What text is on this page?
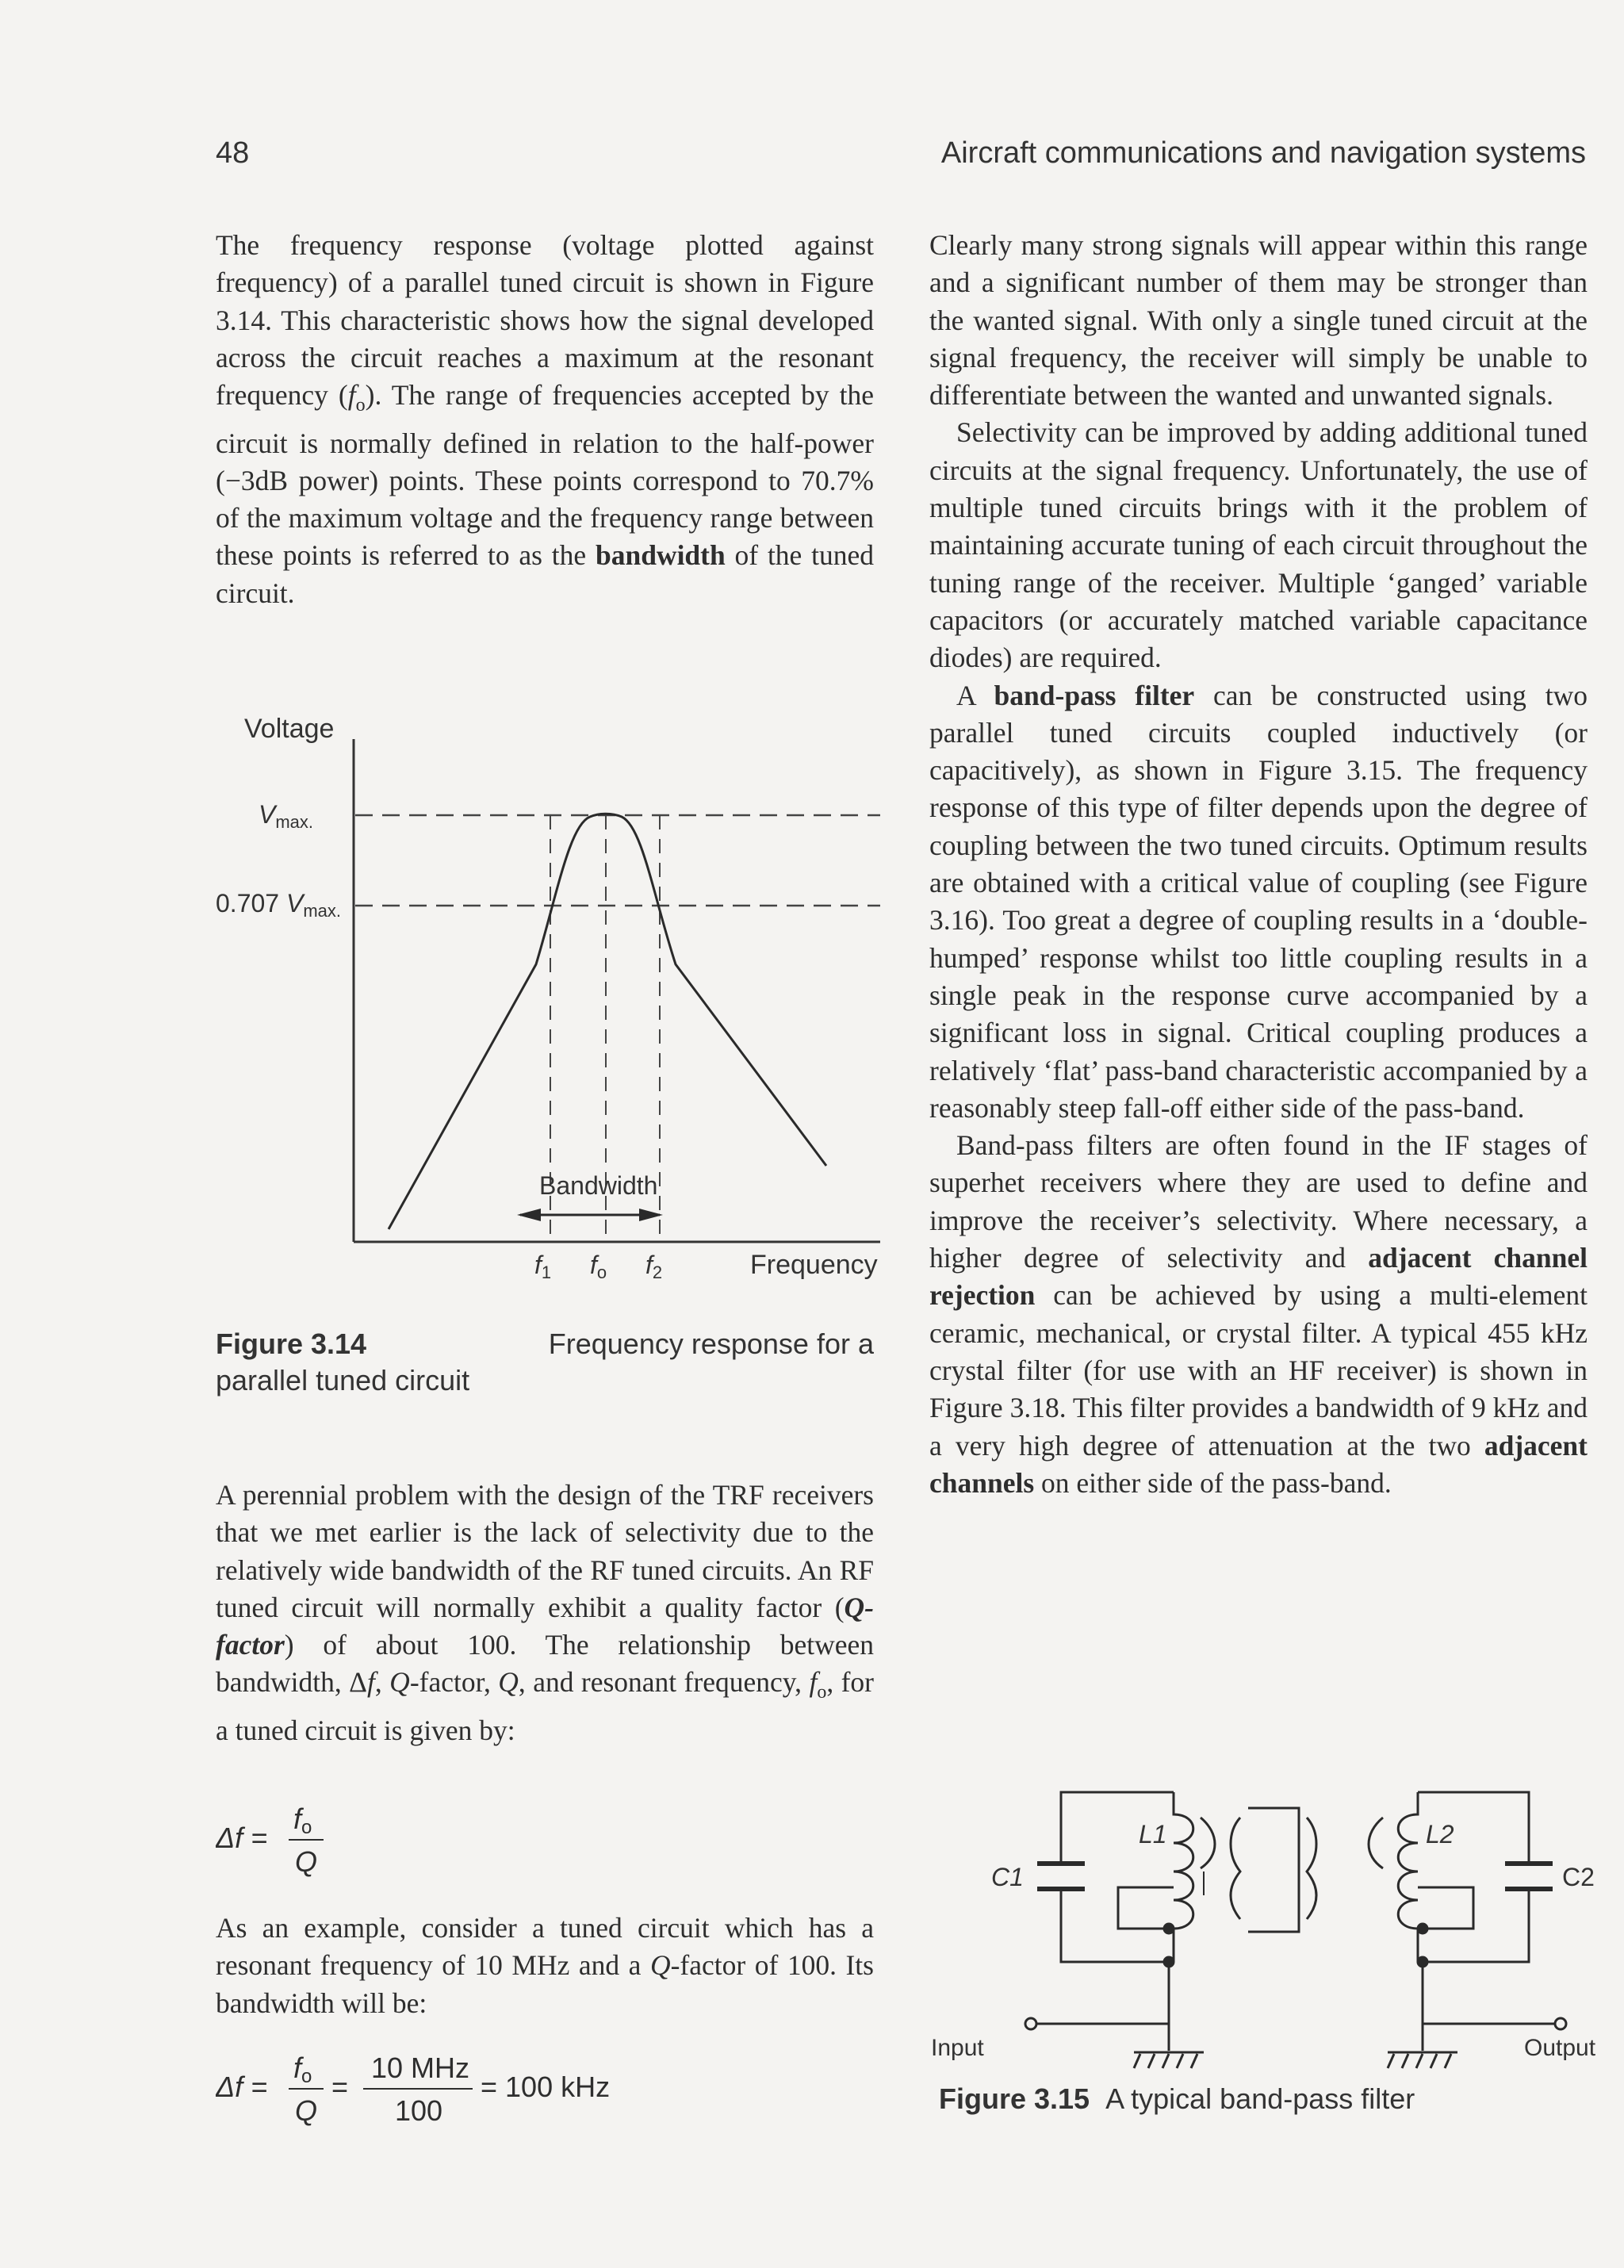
48	Aircraft communications and navigation systems

The frequency response (voltage plotted against frequency) of a parallel tuned circuit is shown in Figure 3.14. This characteristic shows how the signal developed across the circuit reaches a maximum at the resonant frequency $(f_o)$. The range of frequencies accepted by the circuit is normally defined in relation to the half-power (−3dB power) points. These points correspond to 70.7% of the maximum voltage and the frequency range between these points is referred to as the bandwidth of the tuned circuit.

Voltage
Vmax.
0.707 Vmax.
Bandwidth
f1 fo f2	Frequency
Figure 3.14	Frequency response for a
parallel tuned circuit

A perennial problem with the design of the TRF receivers that we met earlier is the lack of selectivity due to the relatively wide bandwidth of the RF tuned circuits. An RF tuned circuit will normally exhibit a quality factor (Q-factor) of about 100. The relationship between bandwidth, Δf, Q-factor, Q, and resonant frequency, $f_o$, for a tuned circuit is given by:

Δf =
fo
Q

As an example, consider a tuned circuit which has a resonant frequency of 10 MHz and a Q-factor of 100. Its bandwidth will be:

Δf =
fo
Q
=
10 MHz
100
= 100 kHz

Clearly many strong signals will appear within this range and a significant number of them may be stronger than the wanted signal. With only a single tuned circuit at the signal frequency, the receiver will simply be unable to differentiate between the wanted and unwanted signals.

Selectivity can be improved by adding additional tuned circuits at the signal frequency. Unfortunately, the use of multiple tuned circuits brings with it the problem of maintaining accurate tuning of each circuit throughout the tuning range of the receiver. Multiple ‘ganged’ variable capacitors (or accurately matched variable capacitance diodes) are required.

A band-pass filter can be constructed using two parallel tuned circuits coupled inductively (or capacitively), as shown in Figure 3.15. The frequency response of this type of filter depends upon the degree of coupling between the two tuned circuits. Optimum results are obtained with a critical value of coupling (see Figure 3.16). Too great a degree of coupling results in a ‘double-humped’ response whilst too little coupling results in a single peak in the response curve accompanied by a significant loss in signal. Critical coupling produces a relatively ‘flat’ pass-band characteristic accompanied by a reasonably steep fall-off either side of the pass-band.

Band-pass filters are often found in the IF stages of superhet receivers where they are used to define and improve the receiver’s selectivity. Where necessary, a higher degree of selectivity and adjacent channel rejection can be achieved by using a multi-element ceramic, mechanical, or crystal filter. A typical 455 kHz crystal filter (for use with an HF receiver) is shown in Figure 3.18. This filter provides a bandwidth of 9 kHz and a very high degree of attenuation at the two adjacent channels on either side of the pass-band.

C1	C2
L1	L2
Input	Output
Figure 3.15 A typical band-pass filter
